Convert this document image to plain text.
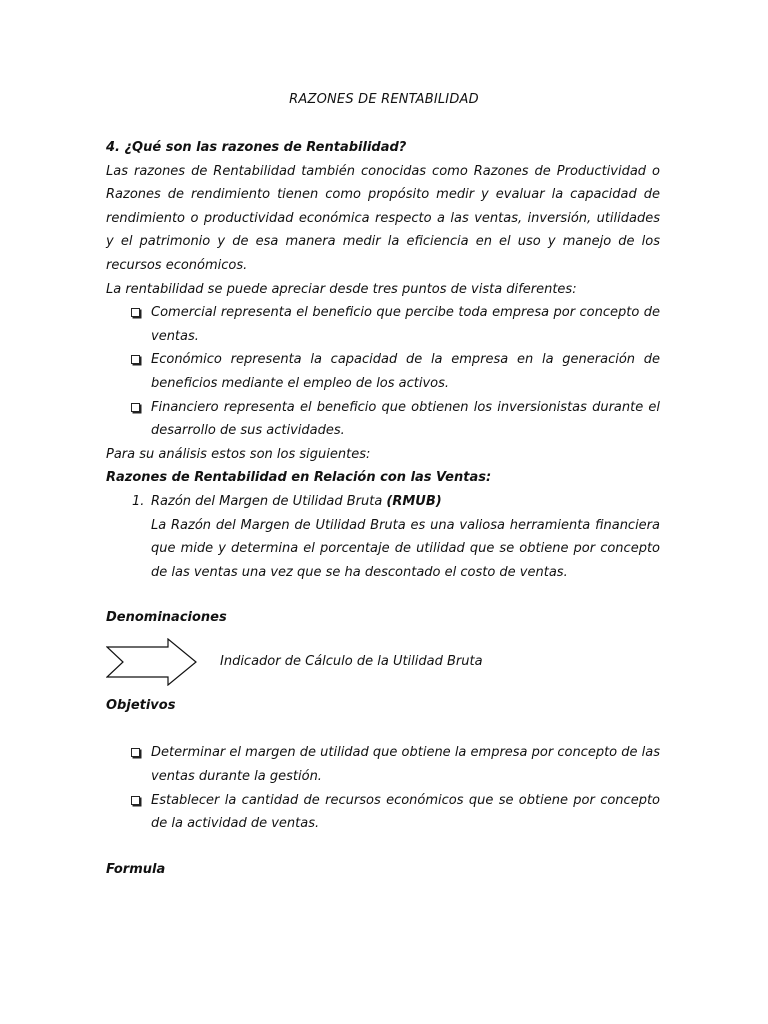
RAZONES DE RENTABILIDAD

4. ¿Qué son las razones de Rentabilidad?

Las razones de Rentabilidad también conocidas como Razones de Productividad o Razones de rendimiento tienen como propósito medir y evaluar la capacidad de rendimiento o productividad económica respecto a las ventas, inversión, utilidades y el patrimonio y de esa manera medir la eficiencia en el uso y manejo de los recursos económicos.

La rentabilidad se puede apreciar desde tres puntos de vista diferentes:

Comercial representa el beneficio que percibe toda empresa por concepto de ventas.
Económico representa la capacidad de la empresa en la generación de beneficios mediante el empleo de los activos.
Financiero representa el beneficio que obtienen los inversionistas durante el desarrollo de sus actividades.

Para su análisis estos son los siguientes:

Razones de Rentabilidad en Relación con las Ventas:

1. Razón del Margen de Utilidad Bruta (RMUB)

La Razón del Margen de Utilidad Bruta es una valiosa herramienta financiera que mide y determina el porcentaje de utilidad que se obtiene por concepto de las ventas una vez que se ha descontado el costo de ventas.

Denominaciones

Indicador de Cálculo de la Utilidad Bruta

Objetivos

Determinar el margen de utilidad que obtiene la empresa por concepto de las ventas durante la gestión.
Establecer la cantidad de recursos económicos que se obtiene por concepto de la actividad de ventas.

Formula
